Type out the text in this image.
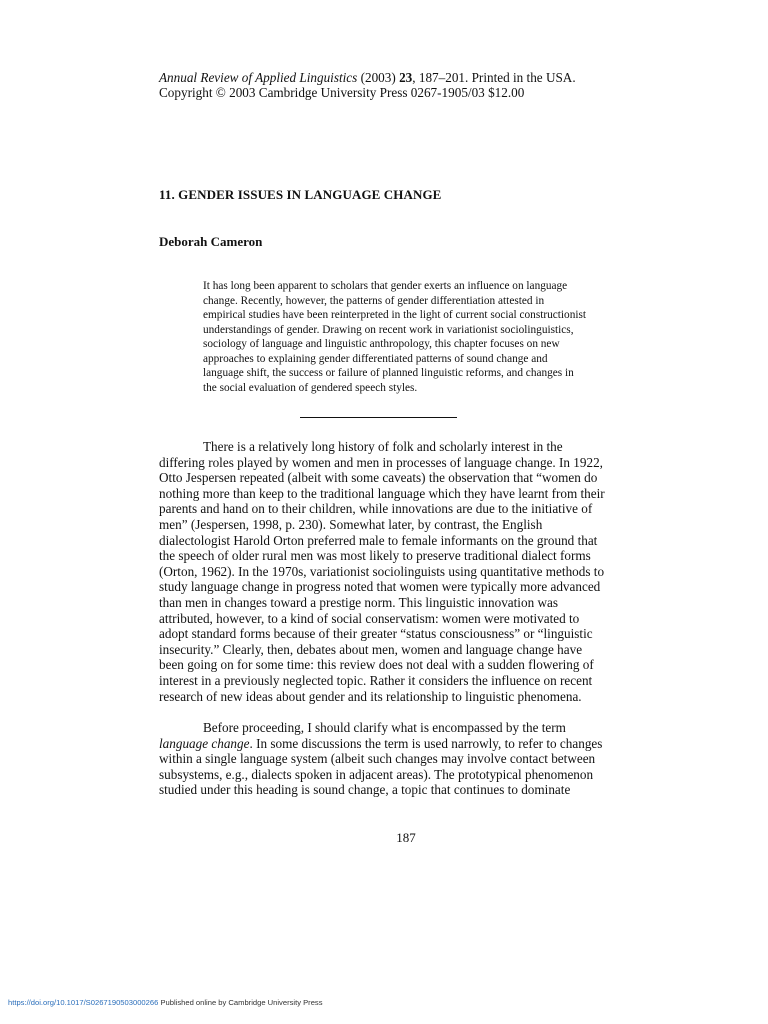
Annual Review of Applied Linguistics (2003) 23, 187–201. Printed in the USA.
Copyright © 2003 Cambridge University Press 0267-1905/03 $12.00
11. GENDER ISSUES IN LANGUAGE CHANGE
Deborah Cameron
It has long been apparent to scholars that gender exerts an influence on language
change. Recently, however, the patterns of gender differentiation attested in
empirical studies have been reinterpreted in the light of current social constructionist
understandings of gender. Drawing on recent work in variationist sociolinguistics,
sociology of language and linguistic anthropology, this chapter focuses on new
approaches to explaining gender differentiated patterns of sound change and
language shift, the success or failure of planned linguistic reforms, and changes in
the social evaluation of gendered speech styles.
There is a relatively long history of folk and scholarly interest in the
differing roles played by women and men in processes of language change. In 1922,
Otto Jespersen repeated (albeit with some caveats) the observation that “women do
nothing more than keep to the traditional language which they have learnt from their
parents and hand on to their children, while innovations are due to the initiative of
men” (Jespersen, 1998, p. 230). Somewhat later, by contrast, the English
dialectologist Harold Orton preferred male to female informants on the ground that
the speech of older rural men was most likely to preserve traditional dialect forms
(Orton, 1962). In the 1970s, variationist sociolinguists using quantitative methods to
study language change in progress noted that women were typically more advanced
than men in changes toward a prestige norm. This linguistic innovation was
attributed, however, to a kind of social conservatism: women were motivated to
adopt standard forms because of their greater “status consciousness” or “linguistic
insecurity.” Clearly, then, debates about men, women and language change have
been going on for some time: this review does not deal with a sudden flowering of
interest in a previously neglected topic. Rather it considers the influence on recent
research of new ideas about gender and its relationship to linguistic phenomena.
Before proceeding, I should clarify what is encompassed by the term
language change. In some discussions the term is used narrowly, to refer to changes
within a single language system (albeit such changes may involve contact between
subsystems, e.g., dialects spoken in adjacent areas). The prototypical phenomenon
studied under this heading is sound change, a topic that continues to dominate
187
https://doi.org/10.1017/S0267190503000266 Published online by Cambridge University Press
